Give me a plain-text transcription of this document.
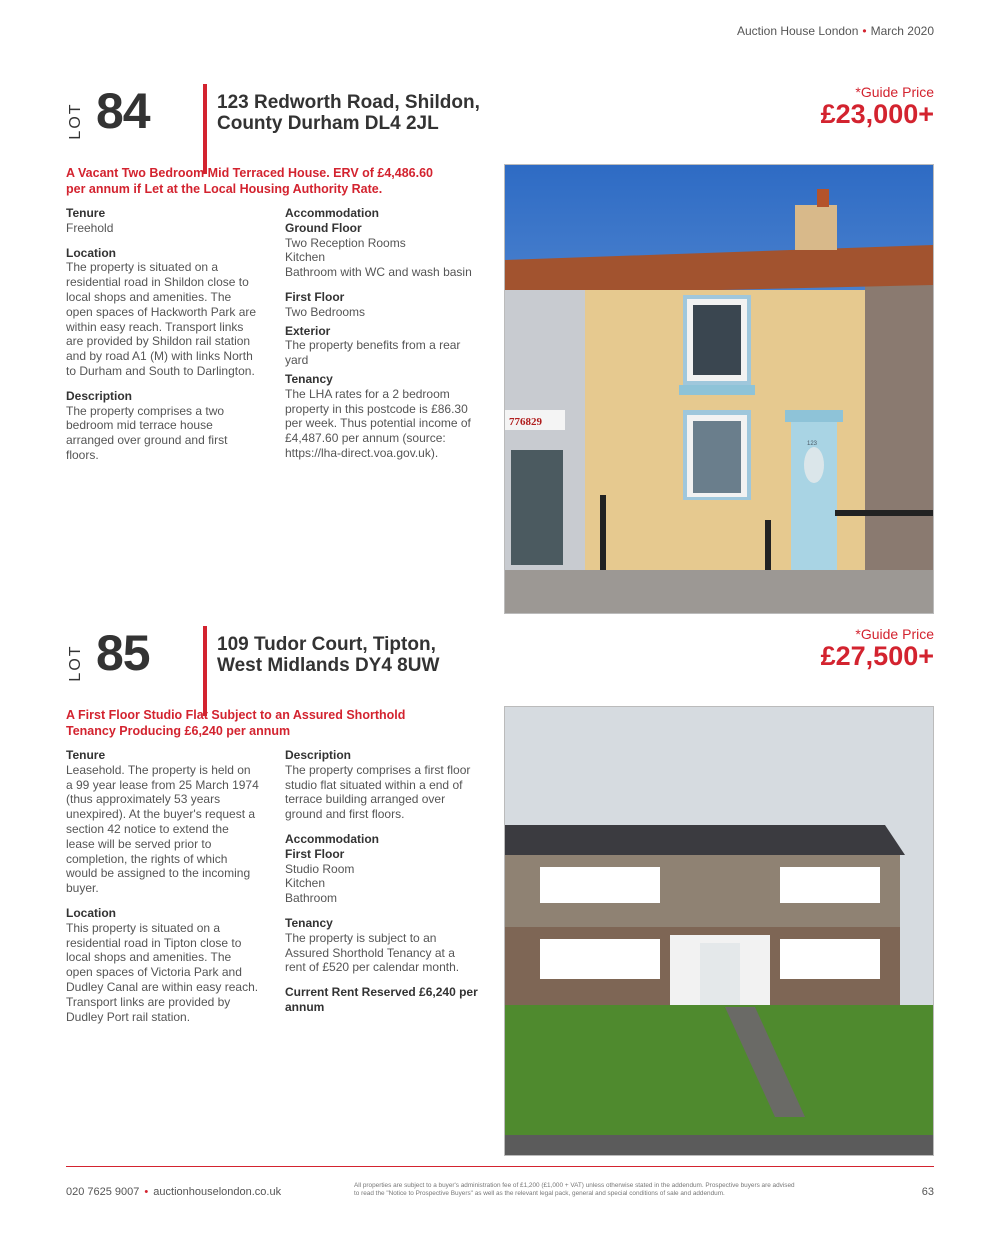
Auction House London • March 2020
LOT 84	123 Redworth Road, Shildon,
County Durham DL4 2JL
*Guide Price
£23,000+
A Vacant Two Bedroom Mid Terraced House. ERV of £4,486.60
per annum if Let at the Local Housing Authority Rate.
Tenure
Freehold
Location
The property is situated on a
residential road in Shildon close to
local shops and amenities. The
open spaces of Hackworth Park are
within easy reach. Transport links
are provided by Shildon rail station
and by road A1 (M) with links North
to Durham and South to Darlington.
Description
The property comprises a two
bedroom mid terrace house
arranged over ground and first
floors.
Accommodation
Ground Floor
Two Reception Rooms
Kitchen
Bathroom with WC and wash basin
First Floor
Two Bedrooms
Exterior
The property benefits from a rear
yard
Tenancy
The LHA rates for a 2 bedroom
property in this postcode is £86.30
per week. Thus potential income of
£4,487.60 per annum (source:
https://lha-direct.voa.gov.uk).
776829
123
LOT 85	109 Tudor Court, Tipton,
West Midlands DY4 8UW
*Guide Price
£27,500+
A First Floor Studio Flat Subject to an Assured Shorthold
Tenancy Producing £6,240 per annum
Tenure
Leasehold. The property is held on
a 99 year lease from 25 March 1974
(thus approximately 53 years
unexpired). At the buyer's request a
section 42 notice to extend the
lease will be served prior to
completion, the rights of which
would be assigned to the incoming
buyer.
Location
This property is situated on a
residential road in Tipton close to
local shops and amenities. The
open spaces of Victoria Park and
Dudley Canal are within easy reach.
Transport links are provided by
Dudley Port rail station.
Description
The property comprises a first floor
studio flat situated within a end of
terrace building arranged over
ground and first floors.
Accommodation
First Floor
Studio Room
Kitchen
Bathroom
Tenancy
The property is subject to an
Assured Shorthold Tenancy at a
rent of £520 per calendar month.
Current Rent Reserved £6,240 per
annum
020 7625 9007 • auctionhouselondon.co.uk
All properties are subject to a buyer's administration fee of £1,200 (£1,000 + VAT) unless otherwise stated in the addendum. Prospective buyers are advised
to read the "Notice to Prospective Buyers" as well as the relevant legal pack, general and special conditions of sale and addendum.	63
